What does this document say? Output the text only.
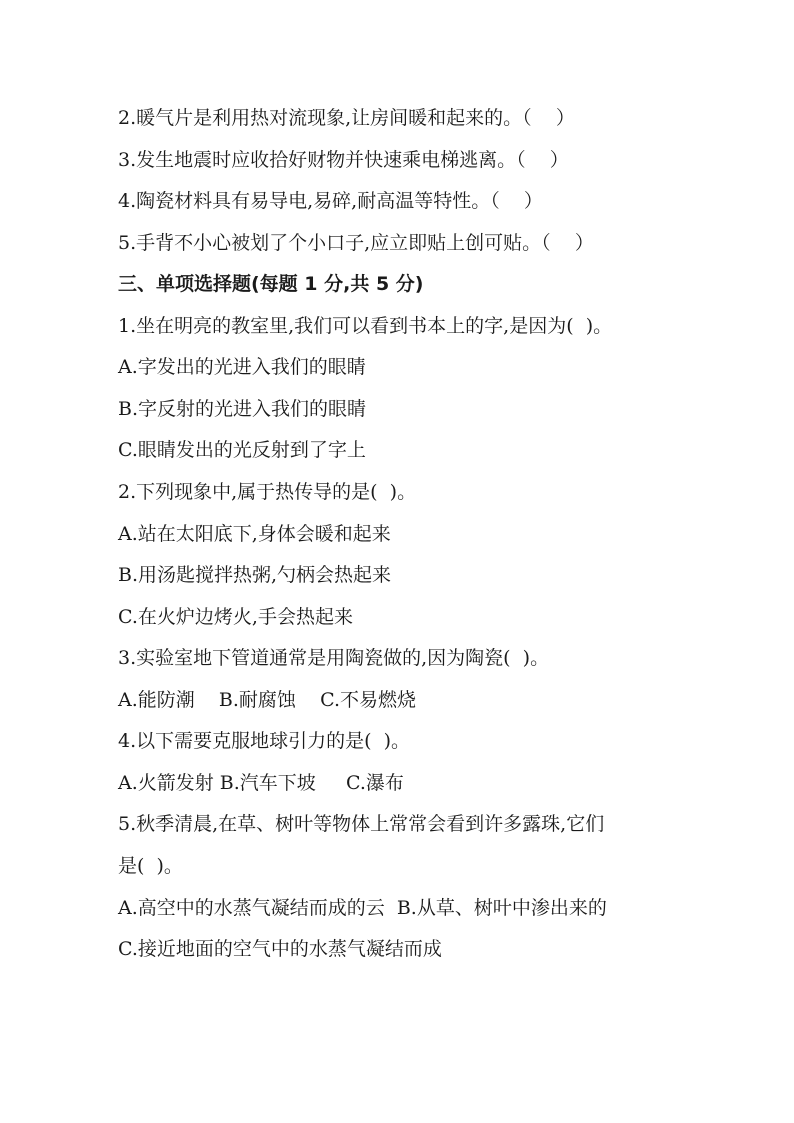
2.暖气片是利用热对流现象,让房间暖和起来的。（    ）
3.发生地震时应收拾好财物并快速乘电梯逃离。（    ）
4.陶瓷材料具有易导电,易碎,耐高温等特性。（    ）
5.手背不小心被划了个小口子,应立即贴上创可贴。（    ）
三、单项选择题(每题 1 分,共 5 分)
1.坐在明亮的教室里,我们可以看到书本上的字,是因为(  )。
A.字发出的光进入我们的眼睛
B.字反射的光进入我们的眼睛
C.眼睛发出的光反射到了字上
2.下列现象中,属于热传导的是(  )。
A.站在太阳底下,身体会暖和起来
B.用汤匙搅拌热粥,勺柄会热起来
C.在火炉边烤火,手会热起来
3.实验室地下管道通常是用陶瓷做的,因为陶瓷(  )。
A.能防潮    B.耐腐蚀    C.不易燃烧
4.以下需要克服地球引力的是(  )。
A.火箭发射 B.汽车下坡     C.瀑布
5.秋季清晨,在草、树叶等物体上常常会看到许多露珠,它们
是(  )。
A.高空中的水蒸气凝结而成的云  B.从草、树叶中渗出来的
C.接近地面的空气中的水蒸气凝结而成
